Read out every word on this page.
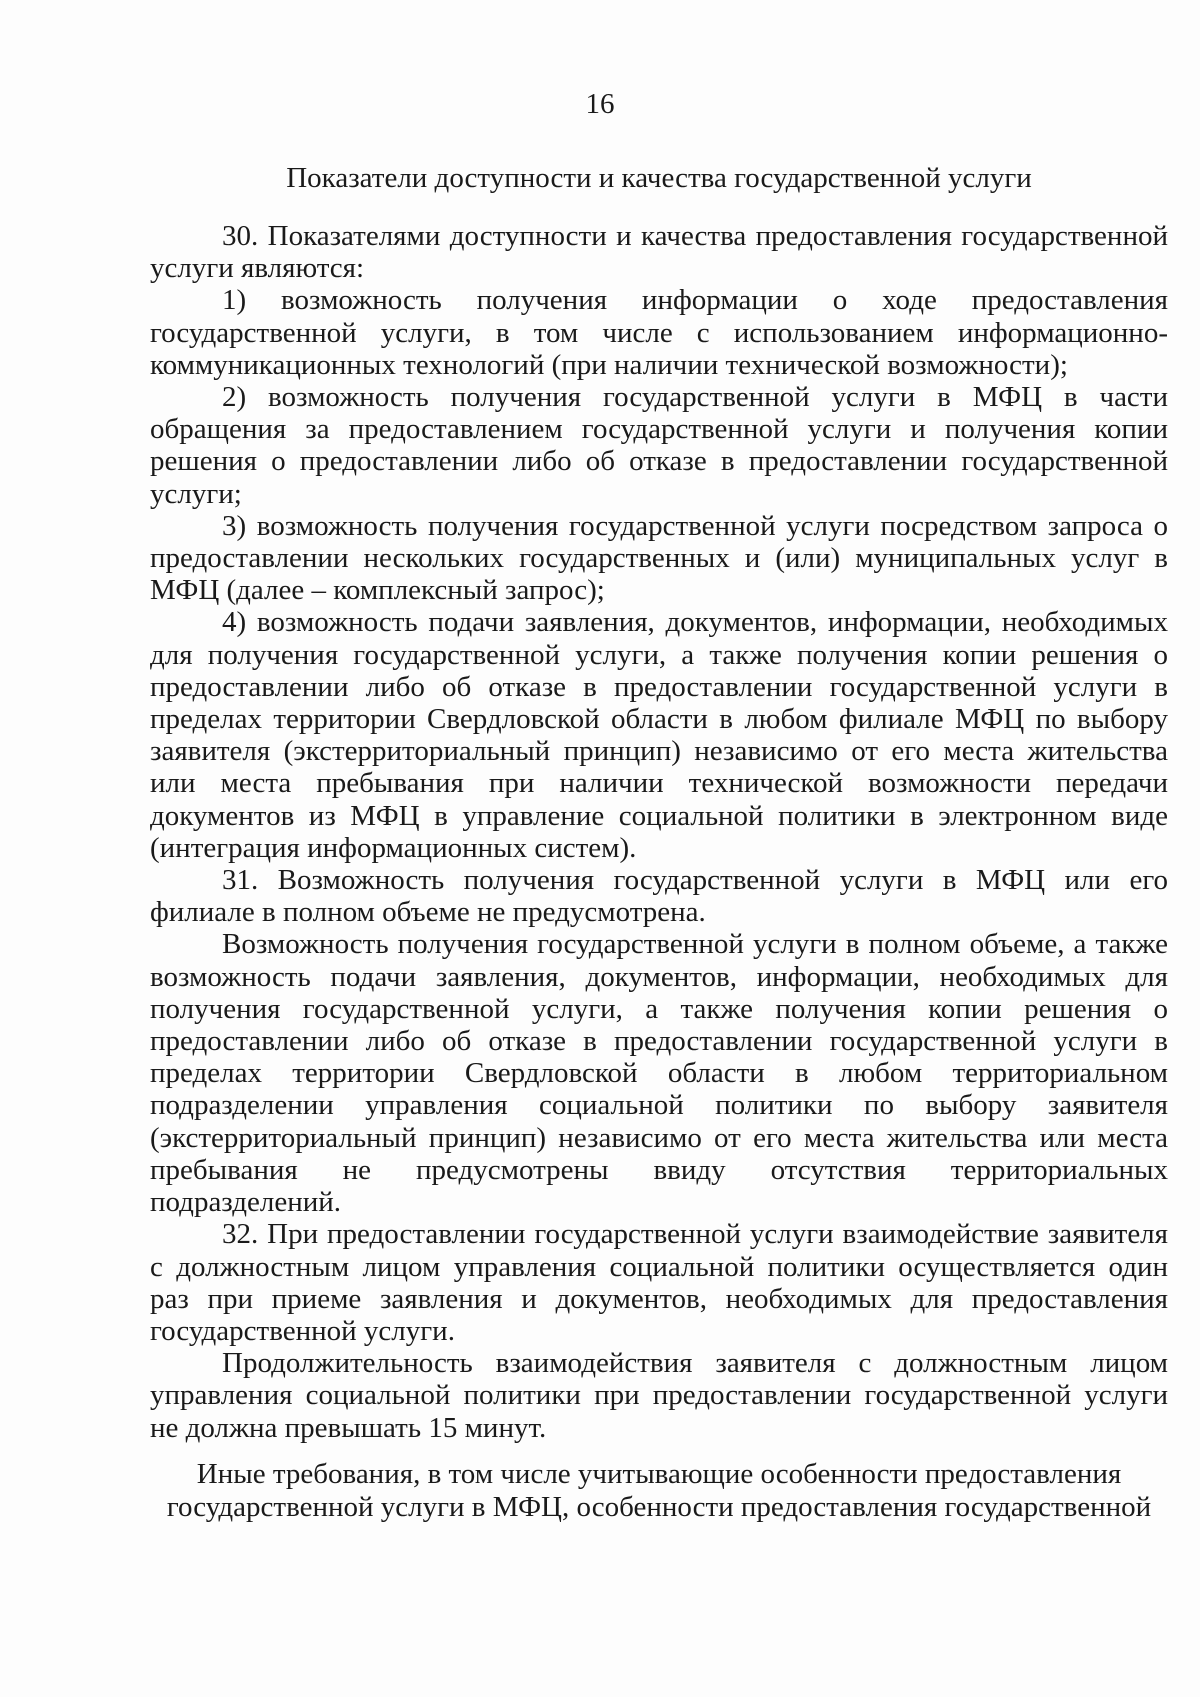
16
Показатели доступности и качества государственной услуги

30. Показателями доступности и качества предоставления государственной услуги являются:

1) возможность получения информации о ходе предоставления государственной услуги, в том числе с использованием информационно-коммуникационных технологий (при наличии технической возможности);

2) возможность получения государственной услуги в МФЦ в части обращения за предоставлением государственной услуги и получения копии решения о предоставлении либо об отказе в предоставлении государственной услуги;

3) возможность получения государственной услуги посредством запроса о предоставлении нескольких государственных и (или) муниципальных услуг в МФЦ (далее – комплексный запрос);

4) возможность подачи заявления, документов, информации, необходимых для получения государственной услуги, а также получения копии решения о предоставлении либо об отказе в предоставлении государственной услуги в пределах территории Свердловской области в любом филиале МФЦ по выбору заявителя (экстерриториальный принцип) независимо от его места жительства или места пребывания при наличии технической возможности передачи документов из МФЦ в управление социальной политики в электронном виде (интеграция информационных систем).

31. Возможность получения государственной услуги в МФЦ или его филиале в полном объеме не предусмотрена.

Возможность получения государственной услуги в полном объеме, а также возможность подачи заявления, документов, информации, необходимых для получения государственной услуги, а также получения копии решения о предоставлении либо об отказе в предоставлении государственной услуги в пределах территории Свердловской области в любом территориальном подразделении управления социальной политики по выбору заявителя (экстерриториальный принцип) независимо от его места жительства или места пребывания не предусмотрены ввиду отсутствия территориальных подразделений.

32. При предоставлении государственной услуги взаимодействие заявителя с должностным лицом управления социальной политики осуществляется один раз при приеме заявления и документов, необходимых для предоставления государственной услуги.

Продолжительность взаимодействия заявителя с должностным лицом управления социальной политики при предоставлении государственной услуги не должна превышать 15 минут.

Иные требования, в том числе учитывающие особенности предоставления
государственной услуги в МФЦ, особенности предоставления государственной
